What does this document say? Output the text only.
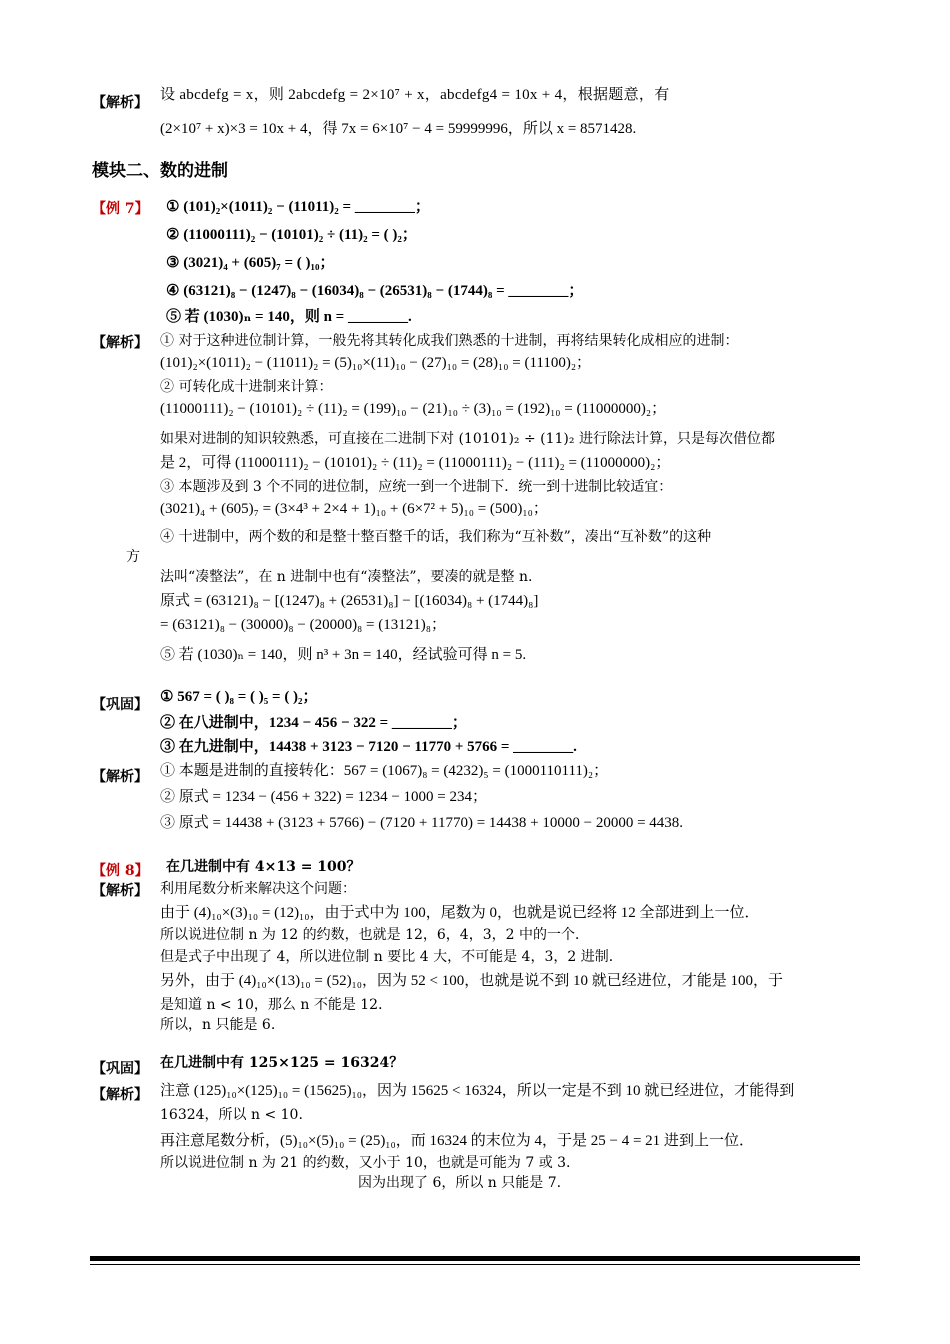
【解析】 设 abcdefg = x，则 2abcdefg = 2×10⁷ + x，abcdefg4 = 10x + 4，根据题意，有
(2×10⁷ + x)×3 = 10x + 4，得 7x = 6×10⁷ − 4 = 59999996，所以 x = 8571428.
模块二、数的进制
【例 7】 ① (101)₂×(1011)₂ − (11011)₂ = ________；
② (11000111)₂ − (10101)₂ ÷ (11)₂ = ( )₂；
③ (3021)₄ + (605)₇ = ( )₁₀；
④ (63121)₈ − (1247)₈ − (16034)₈ − (26531)₈ − (1744)₈ = ________；
⑤ 若 (1030)ₙ = 140，则 n = ________.
【解析】 ① 对于这种进位制计算，一般先将其转化成我们熟悉的十进制，再将结果转化成相应的进制：
(101)₂×(1011)₂ − (11011)₂ = (5)₁₀×(11)₁₀ − (27)₁₀ = (28)₁₀ = (11100)₂；
② 可转化成十进制来计算：
(11000111)₂ − (10101)₂ ÷ (11)₂ = (199)₁₀ − (21)₁₀ ÷ (3)₁₀ = (192)₁₀ = (11000000)₂；
如果对进制的知识较熟悉，可直接在二进制下对 (10101)₂ ÷ (11)₂ 进行除法计算，只是每次借位都
是 2，可得 (11000111)₂ − (10101)₂ ÷ (11)₂ = (11000111)₂ − (111)₂ = (11000000)₂；
③ 本题涉及到 3 个不同的进位制，应统一到一个进制下．统一到十进制比较适宜：
(3021)₄ + (605)₇ = (3×4³ + 2×4 + 1)₁₀ + (6×7² + 5)₁₀ = (500)₁₀；
④ 十进制中，两个数的和是整十整百整千的话，我们称为“互补数”，凑出“互补数”的这种
方
法叫“凑整法”，在 n 进制中也有“凑整法”，要凑的就是整 n.
原式 = (63121)₈ − [(1247)₈ + (26531)₈] − [(16034)₈ + (1744)₈]
= (63121)₈ − (30000)₈ − (20000)₈ = (13121)₈；
⑤ 若 (1030)ₙ = 140，则 n³ + 3n = 140，经试验可得 n = 5.
【巩固】 ① 567 = ( )₈ = ( )₅ = ( )₂；
② 在八进制中，1234 − 456 − 322 = ________；
③ 在九进制中，14438 + 3123 − 7120 − 11770 + 5766 = ________.
【解析】 ① 本题是进制的直接转化：567 = (1067)₈ = (4232)₅ = (1000110111)₂；
② 原式 = 1234 − (456 + 322) = 1234 − 1000 = 234；
③ 原式 = 14438 + (3123 + 5766) − (7120 + 11770) = 14438 + 10000 − 20000 = 4438.
【例 8】 在几进制中有 4×13 = 100？
【解析】 利用尾数分析来解决这个问题：
由于 (4)₁₀×(3)₁₀ = (12)₁₀，由于式中为 100，尾数为 0，也就是说已经将 12 全部进到上一位．
所以说进位制 n 为 12 的约数，也就是 12，6，4，3，2 中的一个．
但是式子中出现了 4，所以进位制 n 要比 4 大，不可能是 4，3，2 进制．
另外，由于 (4)₁₀×(13)₁₀ = (52)₁₀，因为 52 < 100，也就是说不到 10 就已经进位，才能是 100，于
是知道 n < 10，那么 n 不能是 12．
所以，n 只能是 6.
【巩固】 在几进制中有 125×125 = 16324？
【解析】 注意 (125)₁₀×(125)₁₀ = (15625)₁₀，因为 15625 < 16324，所以一定是不到 10 就已经进位，才能得到
16324，所以 n < 10.
再注意尾数分析，(5)₁₀×(5)₁₀ = (25)₁₀，而 16324 的末位为 4，于是 25 − 4 = 21 进到上一位．
所以说进位制 n 为 21 的约数，又小于 10，也就是可能为 7 或 3.
因为出现了 6，所以 n 只能是 7.
